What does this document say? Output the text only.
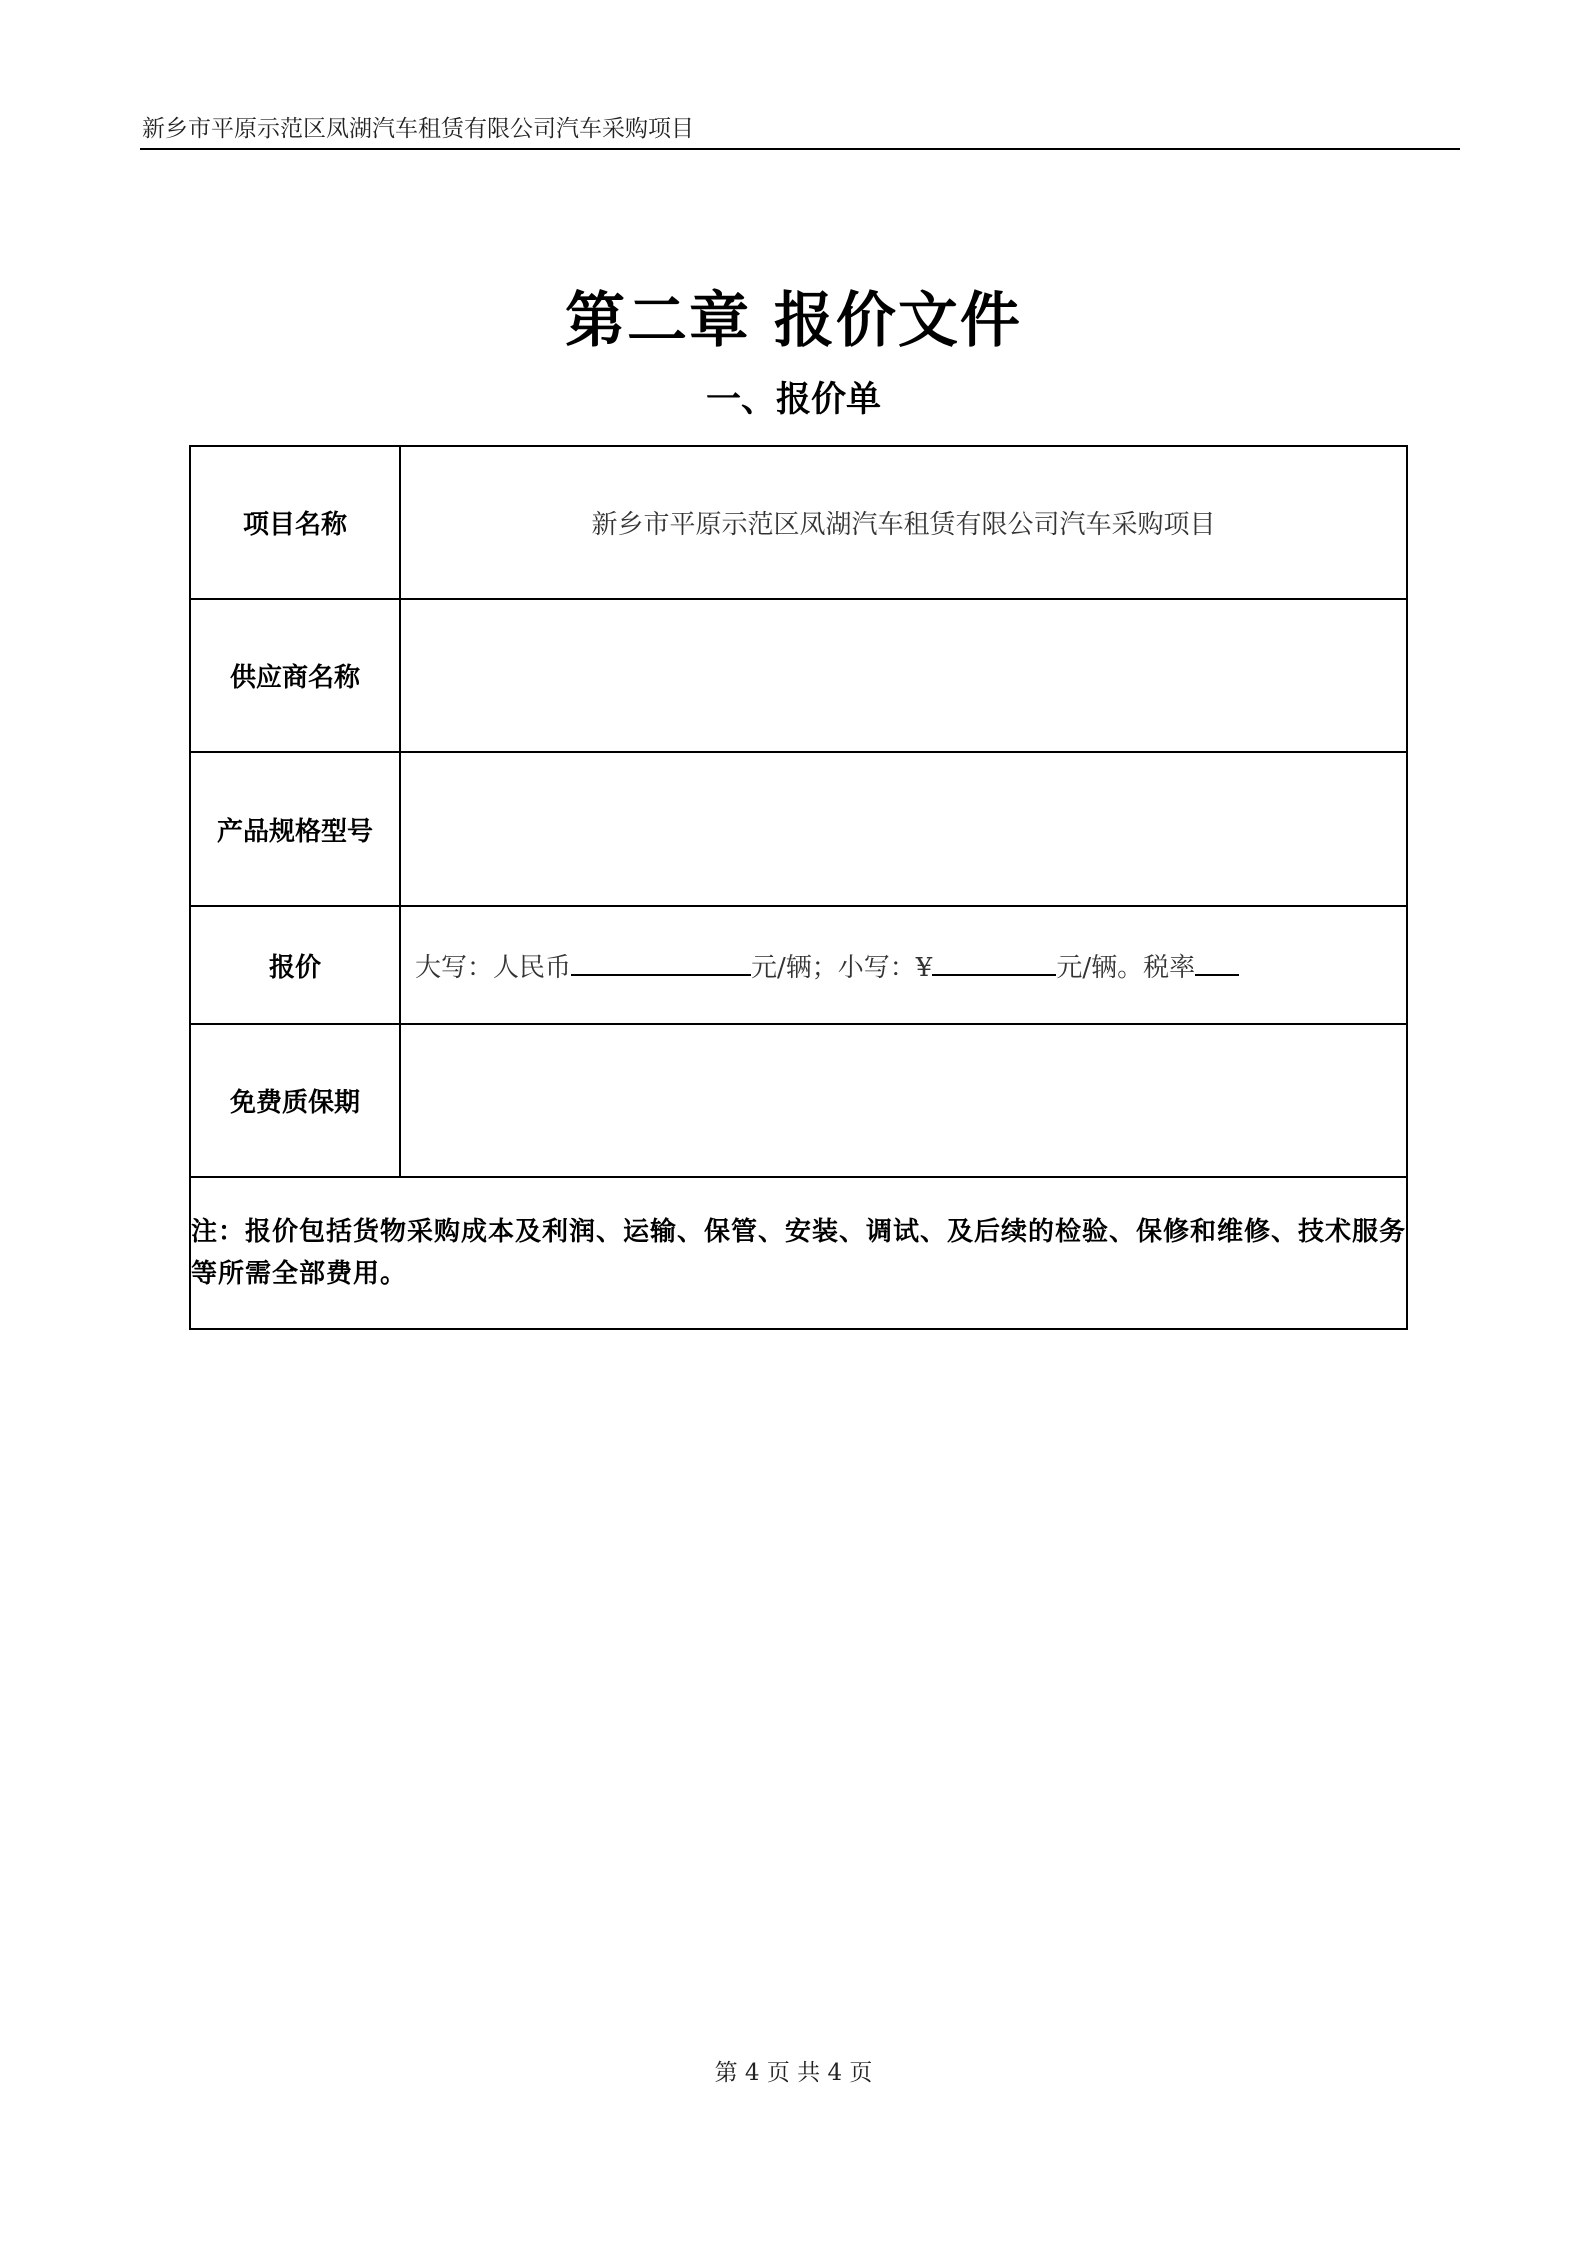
新乡市平原示范区凤湖汽车租赁有限公司汽车采购项目
第二章 报价文件
一、报价单
项目名称	新乡市平原示范区凤湖汽车租赁有限公司汽车采购项目
供应商名称	
产品规格型号	
报价	大写：人民币 元/辆；小写：¥ 元/辆。税率
免费质保期	
注：报价包括货物采购成本及利润、运输、保管、安装、调试、及后续的检验、保修和维修、技术服务等所需全部费用。	
第 4 页 共 4 页
